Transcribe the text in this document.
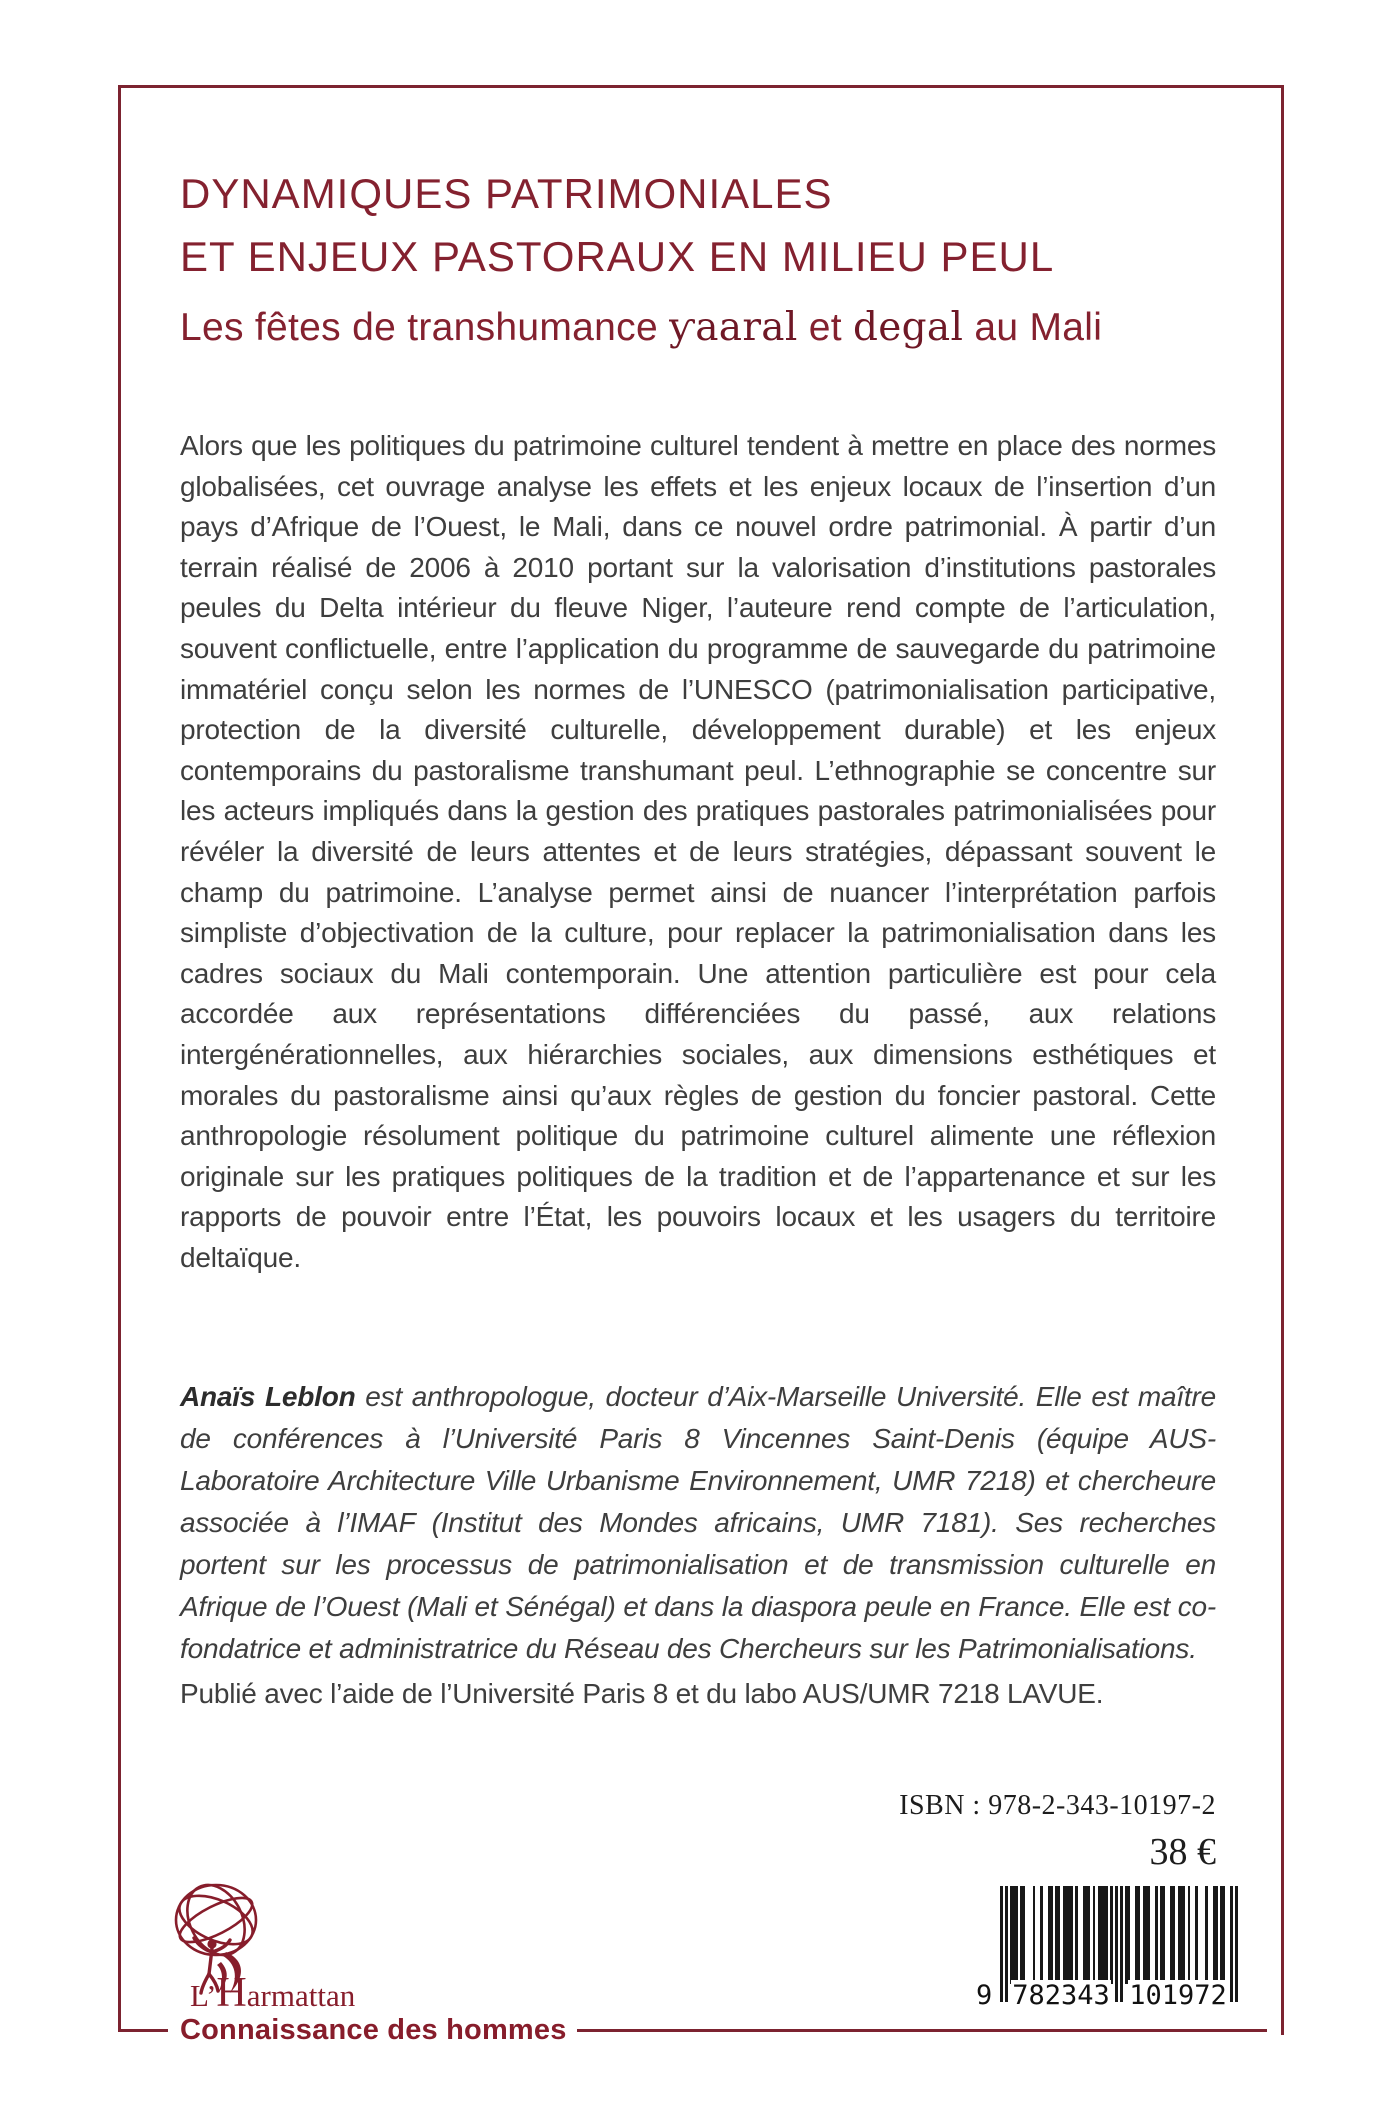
DYNAMIQUES PATRIMONIALES
ET ENJEUX PASTORAUX EN MILIEU PEUL
Les fêtes de transhumance ƴaaral et degal au Mali

Alors que les politiques du patrimoine culturel tendent à mettre en place des normes globalisées, cet ouvrage analyse les effets et les enjeux locaux de l’insertion d’un pays d’Afrique de l’Ouest, le Mali, dans ce nouvel ordre patrimonial. À partir d’un terrain réalisé de 2006 à 2010 portant sur la valorisation d’institutions pastorales peules du Delta intérieur du fleuve Niger, l’auteure rend compte de l’articulation, souvent conflictuelle, entre l’application du programme de sauvegarde du patrimoine immatériel conçu selon les normes de l’UNESCO (patrimonialisation participative, protection de la diversité culturelle, développement durable) et les enjeux contemporains du pastoralisme transhumant peul. L’ethnographie se concentre sur les acteurs impliqués dans la gestion des pratiques pastorales patrimonialisées pour révéler la diversité de leurs attentes et de leurs stratégies, dépassant souvent le champ du patrimoine. L’analyse permet ainsi de nuancer l’interprétation parfois simpliste d’objectivation de la culture, pour replacer la patrimonialisation dans les cadres sociaux du Mali contemporain. Une attention particulière est pour cela accordée aux représentations différenciées du passé, aux relations intergénérationnelles, aux hiérarchies sociales, aux dimensions esthétiques et morales du pastoralisme ainsi qu’aux règles de gestion du foncier pastoral. Cette anthropologie résolument politique du patrimoine culturel alimente une réflexion originale sur les pratiques politiques de la tradition et de l’appartenance et sur les rapports de pouvoir entre l’État, les pouvoirs locaux et les usagers du territoire deltaïque.

Anaïs Leblon est anthropologue, docteur d’Aix-Marseille Université. Elle est maître de conférences à l’Université Paris 8 Vincennes Saint-Denis (équipe AUS-Laboratoire Architecture Ville Urbanisme Environnement, UMR 7218) et chercheure associée à l’IMAF (Institut des Mondes africains, UMR 7181). Ses recherches portent sur les processus de patrimonialisation et de transmission culturelle en Afrique de l’Ouest (Mali et Sénégal) et dans la diaspora peule en France. Elle est co-fondatrice et administratrice du Réseau des Chercheurs sur les Patrimonialisations.

Publié avec l’aide de l’Université Paris 8 et du labo AUS/UMR 7218 LAVUE.
ISBN : 978-2-343-10197-2
38 €
9 782343 101972
L’Harmattan
Connaissance des hommes
